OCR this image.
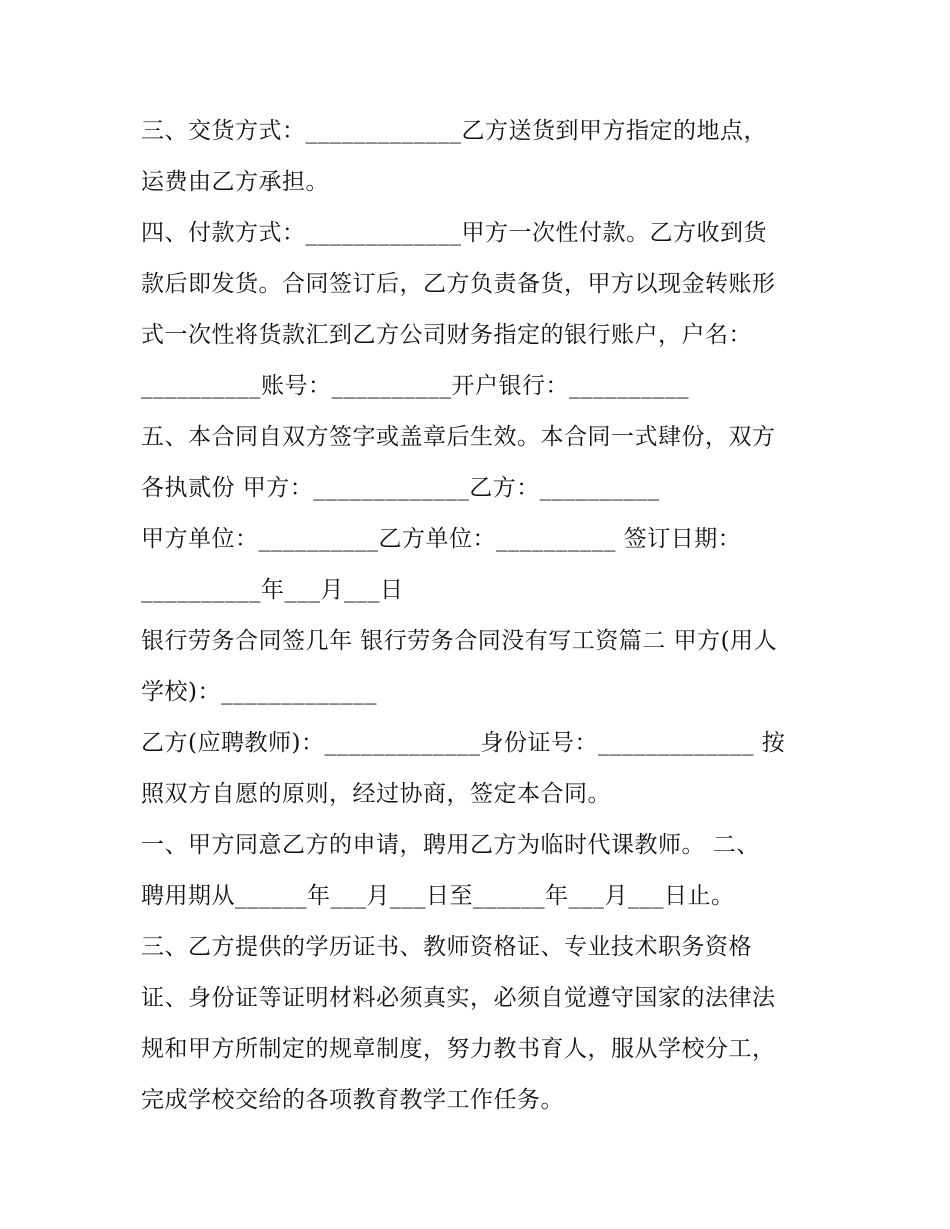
三、交货方式：_____________乙方送货到甲方指定的地点，
运费由乙方承担。
四、付款方式：_____________甲方一次性付款。乙方收到货
款后即发货。合同签订后，乙方负责备货，甲方以现金转账形
式一次性将货款汇到乙方公司财务指定的银行账户，户名：
__________账号：__________开户银行：__________
五、本合同自双方签字或盖章后生效。本合同一式肆份，双方
各执贰份 甲方：_____________乙方：__________
甲方单位：__________乙方单位：__________ 签订日期：
__________年___月___日
银行劳务合同签几年 银行劳务合同没有写工资篇二 甲方(用人
学校)：_____________
乙方(应聘教师)：_____________身份证号：_____________ 按
照双方自愿的原则，经过协商，签定本合同。
一、甲方同意乙方的申请，聘用乙方为临时代课教师。 二、
聘用期从______年___月___日至______年___月___日止。
三、乙方提供的学历证书、教师资格证、专业技术职务资格
证、身份证等证明材料必须真实，必须自觉遵守国家的法律法
规和甲方所制定的规章制度，努力教书育人，服从学校分工，
完成学校交给的各项教育教学工作任务。
